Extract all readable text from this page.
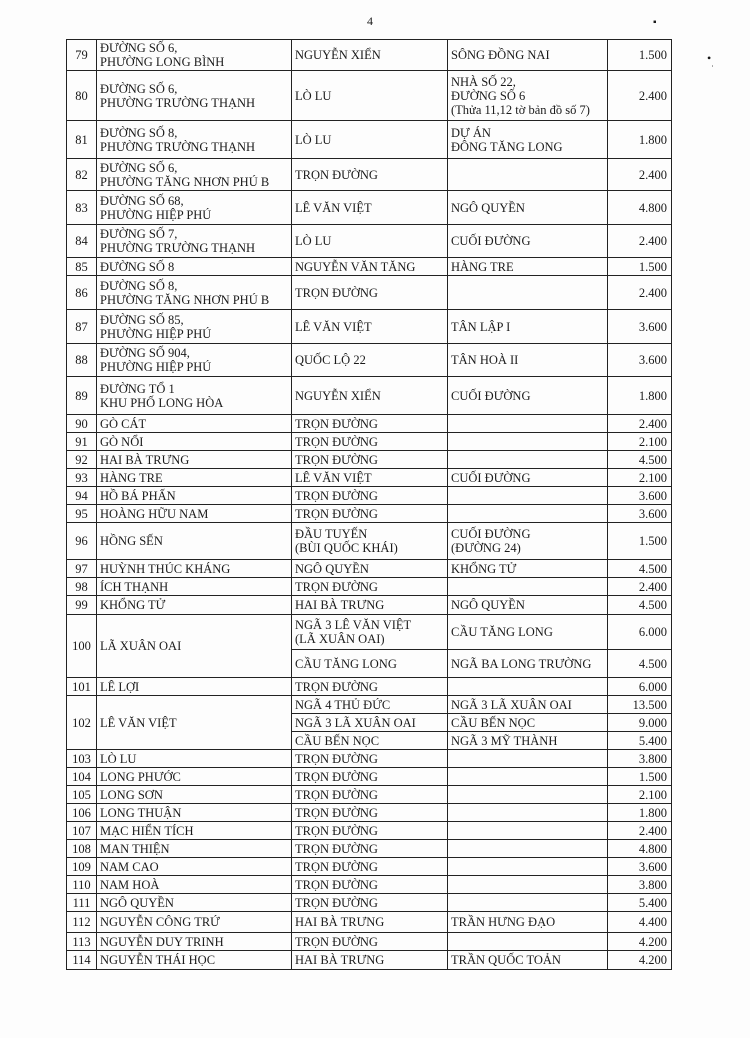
4	▪
•
˙
79	ĐƯỜNG SỐ 6,
PHƯỜNG LONG BÌNH	NGUYỄN XIỂN	SÔNG ĐỒNG NAI	1.500
80	ĐƯỜNG SỐ 6,
PHƯỜNG TRƯỜNG THẠNH	LÒ LU	NHÀ SỐ 22,
ĐƯỜNG SỐ 6
(Thửa 11,12 tờ bản đồ số 7)	2.400
81	ĐƯỜNG SỐ 8,
PHƯỜNG TRƯỜNG THẠNH	LÒ LU	DỰ ÁN
ĐÔNG TĂNG LONG	1.800
82	ĐƯỜNG SỐ 6,
PHƯỜNG TĂNG NHƠN PHÚ B	TRỌN ĐƯỜNG		2.400
83	ĐƯỜNG SỐ 68,
PHƯỜNG HIỆP PHÚ	LÊ VĂN VIỆT	NGÔ QUYỀN	4.800
84	ĐƯỜNG SỐ 7,
PHƯỜNG TRƯỜNG THẠNH	LÒ LU	CUỐI ĐƯỜNG	2.400
85	ĐƯỜNG SỐ 8	NGUYỄN VĂN TĂNG	HÀNG TRE	1.500
86	ĐƯỜNG SỐ 8,
PHƯỜNG TĂNG NHƠN PHÚ B	TRỌN ĐƯỜNG		2.400
87	ĐƯỜNG SỐ 85,
PHƯỜNG HIỆP PHÚ	LÊ VĂN VIỆT	TÂN LẬP I	3.600
88	ĐƯỜNG SỐ 904,
PHƯỜNG HIỆP PHÚ	QUỐC LỘ 22	TÂN HOÀ II	3.600
89	ĐƯỜNG TỔ 1
KHU PHỐ LONG HÒA	NGUYỄN XIỂN	CUỐI ĐƯỜNG	1.800
90	GÒ CÁT	TRỌN ĐƯỜNG		2.400
91	GÒ NỔI	TRỌN ĐƯỜNG		2.100
92	HAI BÀ TRƯNG	TRỌN ĐƯỜNG		4.500
93	HÀNG TRE	LÊ VĂN VIỆT	CUỐI ĐƯỜNG	2.100
94	HỒ BÁ PHẤN	TRỌN ĐƯỜNG		3.600
95	HOÀNG HỮU NAM	TRỌN ĐƯỜNG		3.600
96	HỒNG SẾN	ĐẦU TUYẾN
(BÙI QUỐC KHÁI)	CUỐI ĐƯỜNG
(ĐƯỜNG 24)	1.500
97	HUỲNH THÚC KHÁNG	NGÔ QUYỀN	KHỔNG TỬ	4.500
98	ÍCH THẠNH	TRỌN ĐƯỜNG		2.400
99	KHỔNG TỬ	HAI BÀ TRƯNG	NGÔ QUYỀN	4.500
100	LÃ XUÂN OAI	NGÃ 3 LÊ VĂN VIỆT
(LÃ XUÂN OAI)	CẦU TĂNG LONG	6.000
		CẦU TĂNG LONG	NGÃ BA LONG TRƯỜNG	4.500
101	LÊ LỢI	TRỌN ĐƯỜNG		6.000
102	LÊ VĂN VIỆT	NGÃ 4 THỦ ĐỨC	NGÃ 3 LÃ XUÂN OAI	13.500
		NGÃ 3 LÃ XUÂN OAI	CẦU BẾN NỌC	9.000
		CẦU BẾN NỌC	NGÃ 3 MỸ THÀNH	5.400
103	LÒ LU	TRỌN ĐƯỜNG		3.800
104	LONG PHƯỚC	TRỌN ĐƯỜNG		1.500
105	LONG SƠN	TRỌN ĐƯỜNG		2.100
106	LONG THUẬN	TRỌN ĐƯỜNG		1.800
107	MẠC HIỂN TÍCH	TRỌN ĐƯỜNG		2.400
108	MAN THIỆN	TRỌN ĐƯỜNG		4.800
109	NAM CAO	TRỌN ĐƯỜNG		3.600
110	NAM HOÀ	TRỌN ĐƯỜNG		3.800
111	NGÔ QUYỀN	TRỌN ĐƯỜNG		5.400
112	NGUYỄN CÔNG TRỨ	HAI BÀ TRƯNG	TRẦN HƯNG ĐẠO	4.400
113	NGUYỄN DUY TRINH	TRỌN ĐƯỜNG		4.200
114	NGUYỄN THÁI HỌC	HAI BÀ TRƯNG	TRẦN QUỐC TOẢN	4.200
